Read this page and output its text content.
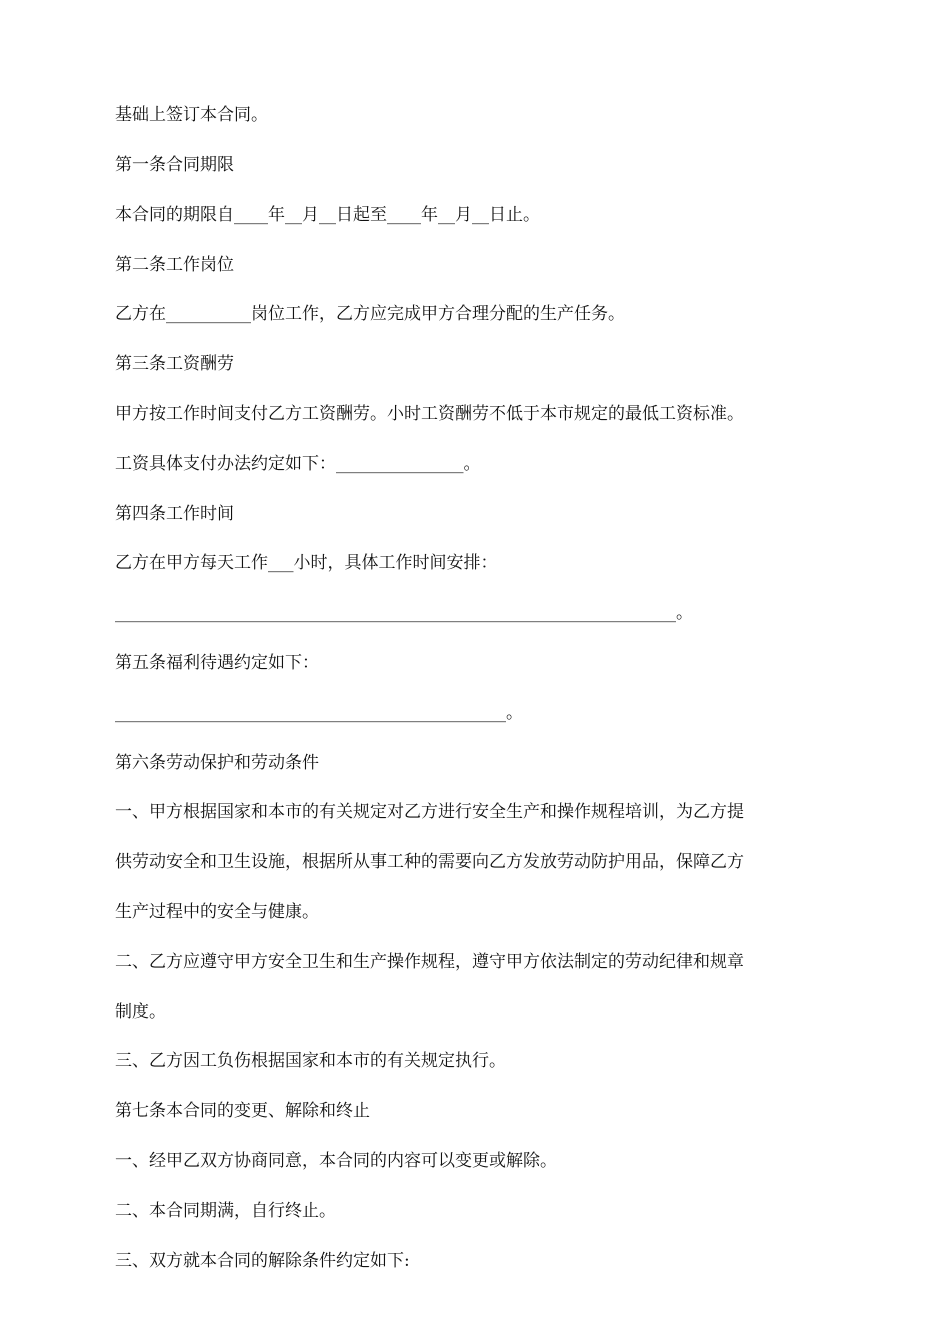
基础上签订本合同。
第一条合同期限
本合同的期限自____年__月__日起至____年__月__日止。
第二条工作岗位
乙方在__________岗位工作，乙方应完成甲方合理分配的生产任务。
第三条工资酬劳
甲方按工作时间支付乙方工资酬劳。小时工资酬劳不低于本市规定的最低工资标准。
工资具体支付办法约定如下：_______________。
第四条工作时间
乙方在甲方每天工作___小时，具体工作时间安排：
__________________________________________________________________。
第五条福利待遇约定如下：
______________________________________________。
第六条劳动保护和劳动条件
一、甲方根据国家和本市的有关规定对乙方进行安全生产和操作规程培训，为乙方提
供劳动安全和卫生设施，根据所从事工种的需要向乙方发放劳动防护用品，保障乙方
生产过程中的安全与健康。
二、乙方应遵守甲方安全卫生和生产操作规程，遵守甲方依法制定的劳动纪律和规章
制度。
三、乙方因工负伤根据国家和本市的有关规定执行。
第七条本合同的变更、解除和终止
一、经甲乙双方协商同意，本合同的内容可以变更或解除。
二、本合同期满，自行终止。
三、双方就本合同的解除条件约定如下:
